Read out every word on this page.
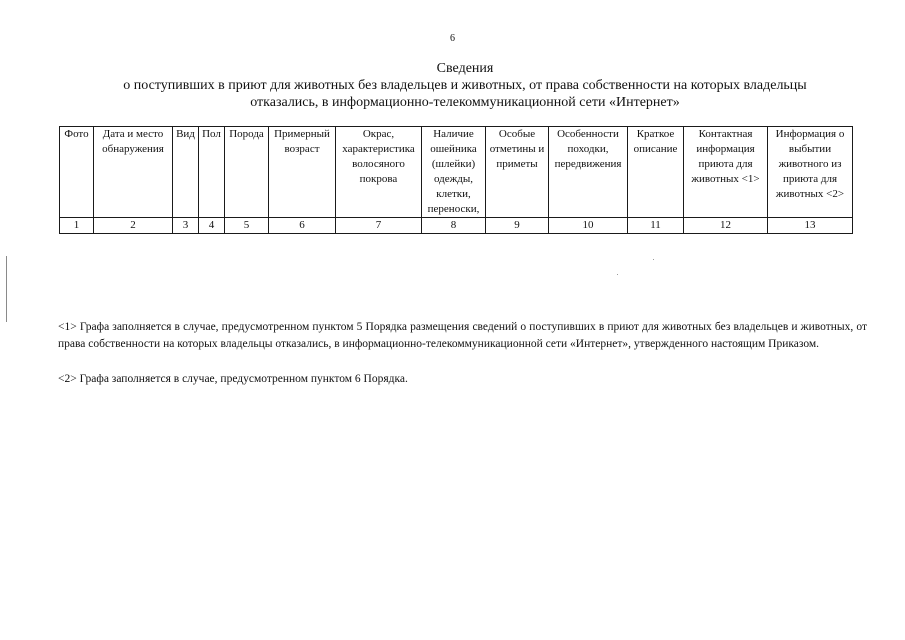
6
Сведения
о поступивших в приют для животных без владельцев и животных, от права собственности на которых владельцы
отказались, в информационно-телекоммуникационной сети «Интернет»
Фото	Дата и место обнаружения	Вид	Пол	Порода	Примерный возраст	Окрас, характеристика волосяного покрова	Наличие ошейника (шлейки) одежды, клетки, переноски,	Особые отметины и приметы	Особенности походки, передвижения	Краткое описание	Контактная информация приюта для животных <1>	Информация о выбытии животного из приюта для животных <2>
1	2	3	4	5	6	7	8	9	10	11	12	13

<1> Графа заполняется в случае, предусмотренном пунктом 5 Порядка размещения сведений о поступивших в приют для животных без владельцев и животных, от права собственности на которых владельцы отказались, в информационно-телекоммуникационной сети «Интернет», утвержденного настоящим Приказом.

<2> Графа заполняется в случае, предусмотренном пунктом 6 Порядка.
